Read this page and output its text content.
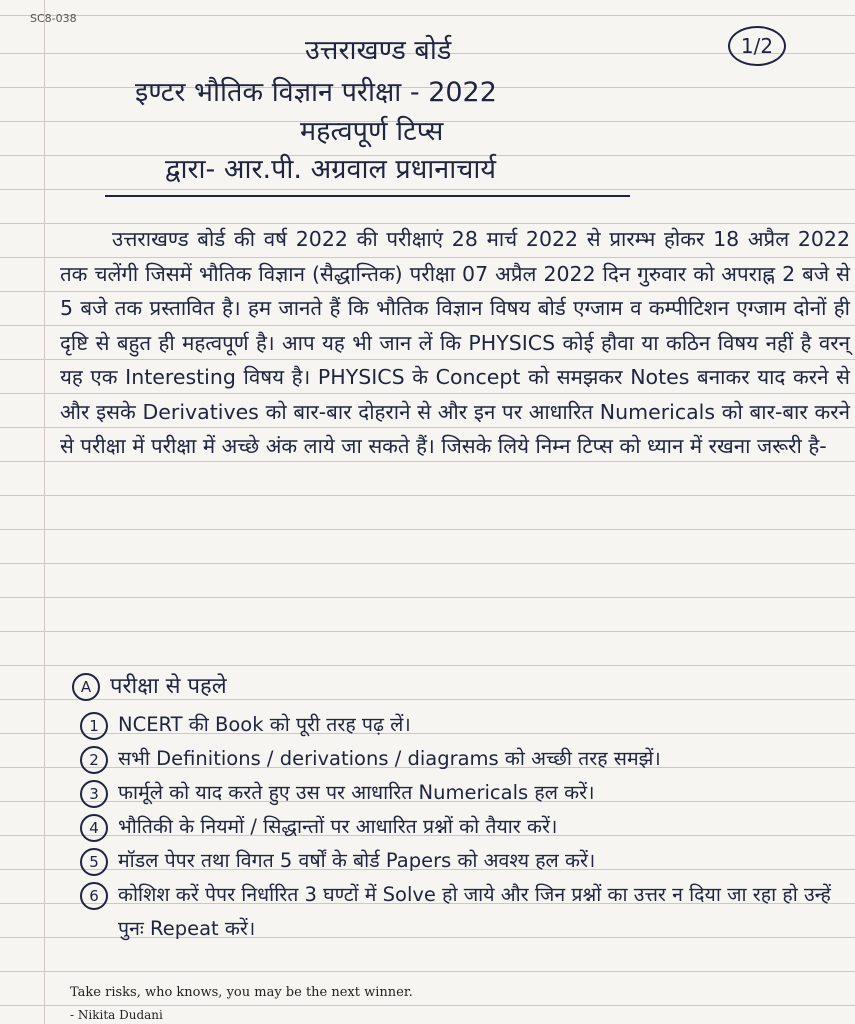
SC8-038
1/2
उत्तराखण्ड बोर्ड
इण्टर भौतिक विज्ञान परीक्षा - 2022
महत्वपूर्ण टिप्स
द्वारा- आर.पी. अग्रवाल प्रधानाचार्य
उत्तराखण्ड बोर्ड की वर्ष 2022 की परीक्षाएं 28 मार्च 2022 से प्रारम्भ होकर 18 अप्रैल 2022 तक चलेंगी जिसमें भौतिक विज्ञान (सैद्धान्तिक) परीक्षा 07 अप्रैल 2022 दिन गुरुवार को अपराह्न 2 बजे से 5 बजे तक प्रस्तावित है। हम जानते हैं कि भौतिक विज्ञान विषय बोर्ड एग्जाम व कम्पीटिशन एग्जाम दोनों ही दृष्टि से बहुत ही महत्वपूर्ण है। आप यह भी जान लें कि PHYSICS कोई हौवा या कठिन विषय नहीं है वरन् यह एक Interesting विषय है। PHYSICS के Concept को समझकर Notes बनाकर याद करने से और इसके Derivatives को बार-बार दोहराने से और इन पर आधारित Numericals को बार-बार करने से परीक्षा में परीक्षा में अच्छे अंक लाये जा सकते हैं। जिसके लिये निम्न टिप्स को ध्यान में रखना जरूरी है-
A परीक्षा से पहले
1 NCERT की Book को पूरी तरह पढ़ लें।
2 सभी Definitions / derivations / diagrams को अच्छी तरह समझें।
3 फार्मूले को याद करते हुए उस पर आधारित Numericals हल करें।
4 भौतिकी के नियमों / सिद्धान्तों पर आधारित प्रश्नों को तैयार करें।
5 मॉडल पेपर तथा विगत 5 वर्षों के बोर्ड Papers को अवश्य हल करें।
6 कोशिश करें पेपर निर्धारित 3 घण्टों में Solve हो जाये और जिन प्रश्नों का उत्तर न दिया जा रहा हो उन्हें पुनः Repeat करें।
Take risks, who knows, you may be the next winner.
- Nikita Dudani
